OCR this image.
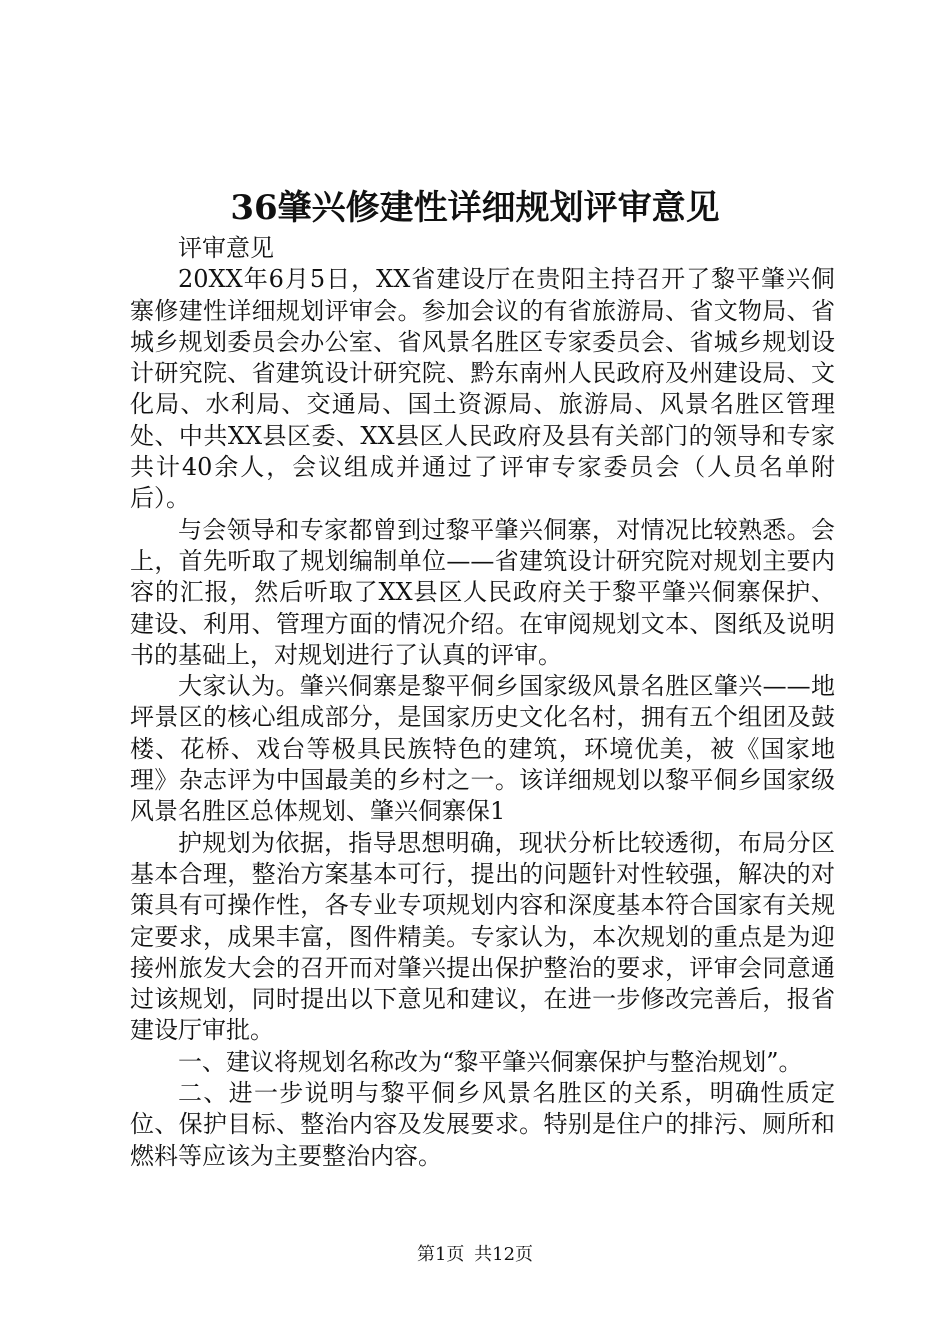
36肇兴修建性详细规划评审意见

评审意见

20XX年6月5日，XX省建设厅在贵阳主持召开了黎平肇兴侗寨修建性详细规划评审会。参加会议的有省旅游局、省文物局、省城乡规划委员会办公室、省风景名胜区专家委员会、省城乡规划设计研究院、省建筑设计研究院、黔东南州人民政府及州建设局、文化局、水利局、交通局、国土资源局、旅游局、风景名胜区管理处、中共XX县区委、XX县区人民政府及县有关部门的领导和专家共计40余人，会议组成并通过了评审专家委员会（人员名单附后）。

与会领导和专家都曾到过黎平肇兴侗寨，对情况比较熟悉。会上，首先听取了规划编制单位——省建筑设计研究院对规划主要内容的汇报，然后听取了XX县区人民政府关于黎平肇兴侗寨保护、建设、利用、管理方面的情况介绍。在审阅规划文本、图纸及说明书的基础上，对规划进行了认真的评审。

大家认为。肇兴侗寨是黎平侗乡国家级风景名胜区肇兴——地坪景区的核心组成部分，是国家历史文化名村，拥有五个组团及鼓楼、花桥、戏台等极具民族特色的建筑，环境优美，被《国家地理》杂志评为中国最美的乡村之一。该详细规划以黎平侗乡国家级风景名胜区总体规划、肇兴侗寨保1

护规划为依据，指导思想明确，现状分析比较透彻，布局分区基本合理，整治方案基本可行，提出的问题针对性较强，解决的对策具有可操作性，各专业专项规划内容和深度基本符合国家有关规定要求，成果丰富，图件精美。专家认为，本次规划的重点是为迎接州旅发大会的召开而对肇兴提出保护整治的要求，评审会同意通过该规划，同时提出以下意见和建议，在进一步修改完善后，报省建设厅审批。

一、建议将规划名称改为“黎平肇兴侗寨保护与整治规划”。

二、进一步说明与黎平侗乡风景名胜区的关系，明确性质定位、保护目标、整治内容及发展要求。特别是住户的排污、厕所和燃料等应该为主要整治内容。

第1页 共12页
